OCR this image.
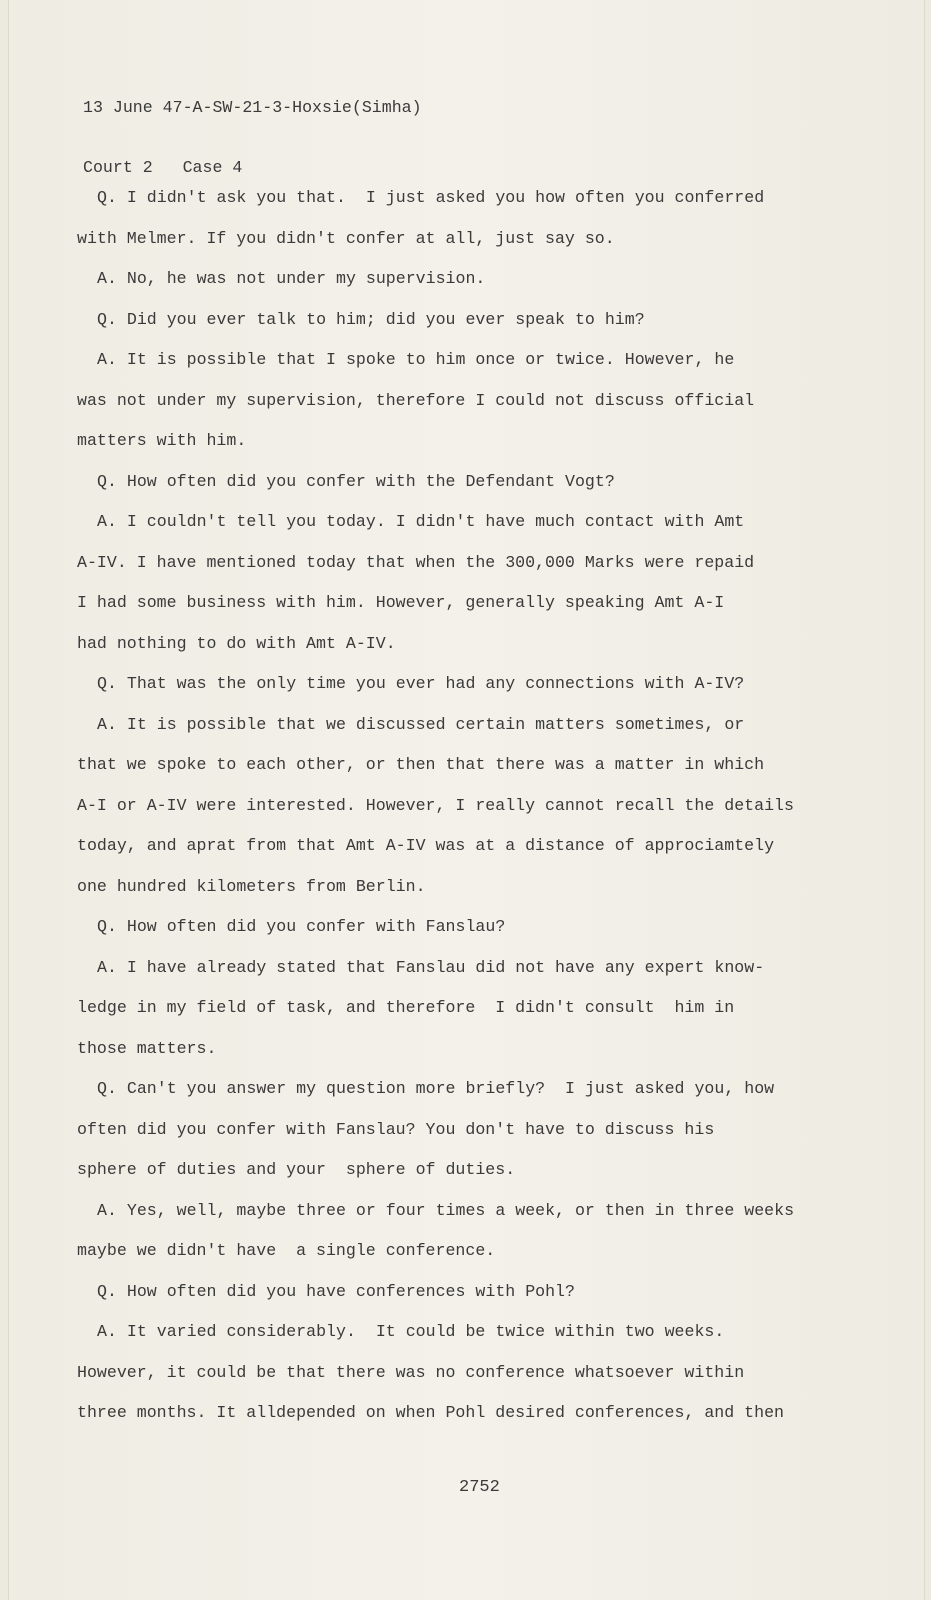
13 June 47-A-SW-21-3-Hoxsie(Simha)

Court 2   Case 4

Q. I didn't ask you that.  I just asked you how often you conferred
with Melmer. If you didn't confer at all, just say so.
A. No, he was not under my supervision.
Q. Did you ever talk to him; did you ever speak to him?
A. It is possible that I spoke to him once or twice. However, he
was not under my supervision, therefore I could not discuss official
matters with him.
Q. How often did you confer with the Defendant Vogt?
A. I couldn't tell you today. I didn't have much contact with Amt
A-IV. I have mentioned today that when the 300,000 Marks were repaid
I had some business with him. However, generally speaking Amt A-I
had nothing to do with Amt A-IV.
Q. That was the only time you ever had any connections with A-IV?
A. It is possible that we discussed certain matters sometimes, or
that we spoke to each other, or then that there was a matter in which
A-I or A-IV were interested. However, I really cannot recall the details
today, and aprat from that Amt A-IV was at a distance of approciamtely
one hundred kilometers from Berlin.
Q. How often did you confer with Fanslau?
A. I have already stated that Fanslau did not have any expert know-
ledge in my field of task, and therefore  I didn't consult  him in
those matters.
Q. Can't you answer my question more briefly?  I just asked you, how
often did you confer with Fanslau? You don't have to discuss his
sphere of duties and your  sphere of duties.
A. Yes, well, maybe three or four times a week, or then in three weeks
maybe we didn't have  a single conference.
Q. How often did you have conferences with Pohl?
A. It varied considerably.  It could be twice within two weeks.
However, it could be that there was no conference whatsoever within
three months. It alldepended on when Pohl desired conferences, and then
2752
